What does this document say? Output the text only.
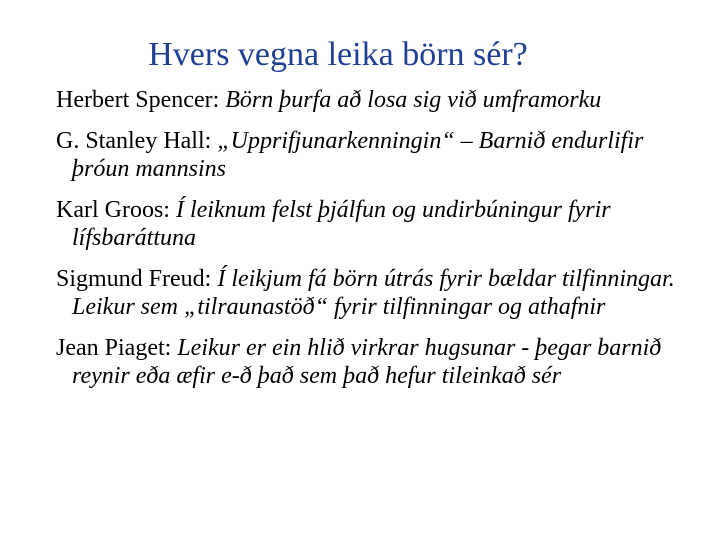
Hvers vegna leika börn sér?
Herbert Spencer: Börn þurfa að losa sig við umframorku
G. Stanley Hall: „Upprifjunarkenningin“ – Barnið endurlifir þróun mannsins
Karl Groos: Í leiknum felst þjálfun og undirbúningur fyrir lífsbaráttuna
Sigmund Freud: Í leikjum fá börn útrás fyrir bældar tilfinningar. Leikur sem „tilraunastöð“ fyrir tilfinningar og athafnir
Jean Piaget: Leikur er ein hlið virkrar hugsunar - þegar barnið reynir eða æfir e-ð það sem það hefur tileinkað sér
